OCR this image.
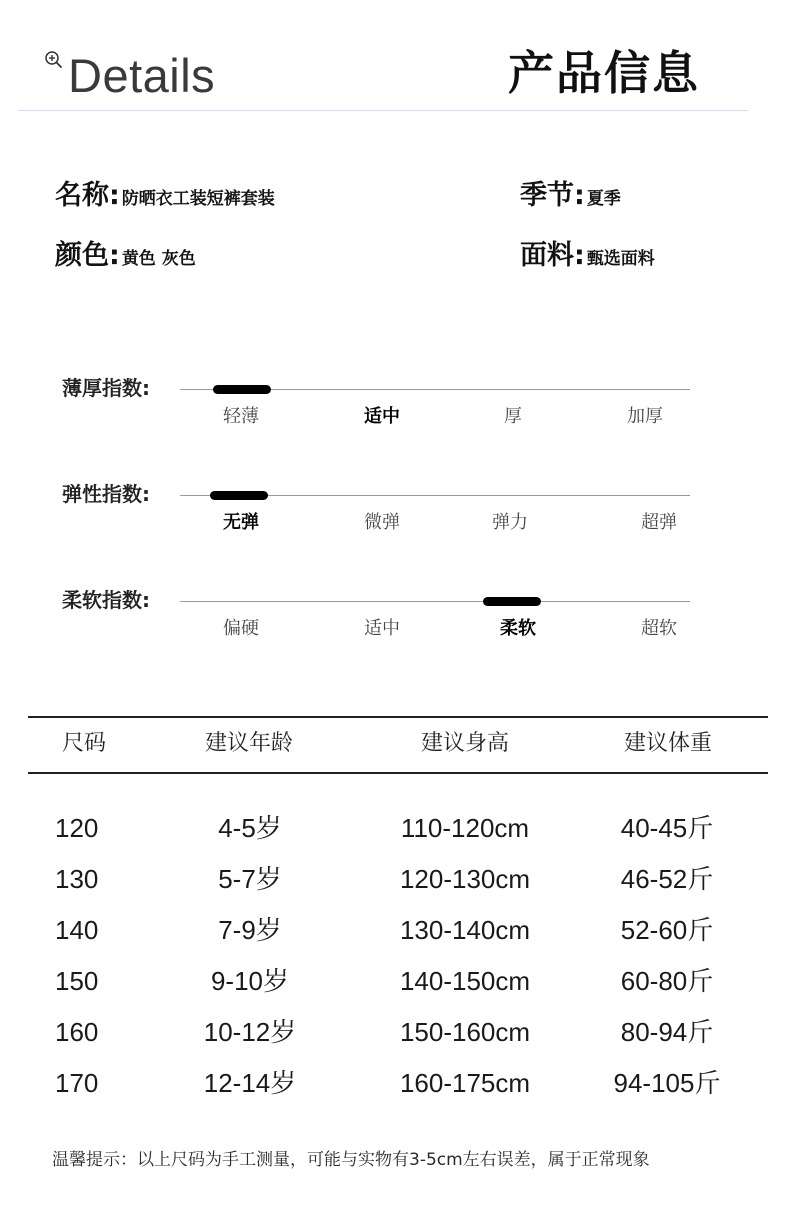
Details	产品信息
名称: 防晒衣工装短裤套装	季节: 夏季
颜色: 黄色 灰色	面料: 甄选面料
薄厚指数:
轻薄	适中	厚	加厚
弹性指数:
无弹	微弹	弹力	超弹
柔软指数:
偏硬	适中	柔软	超软
尺码	建议年龄	建议身高	建议体重
120	4-5岁	110-120cm	40-45斤
130	5-7岁	120-130cm	46-52斤
140	7-9岁	130-140cm	52-60斤
150	9-10岁	140-150cm	60-80斤
160	10-12岁	150-160cm	80-94斤
170	12-14岁	160-175cm	94-105斤
温馨提示：以上尺码为手工测量，可能与实物有3-5cm左右误差，属于正常现象
